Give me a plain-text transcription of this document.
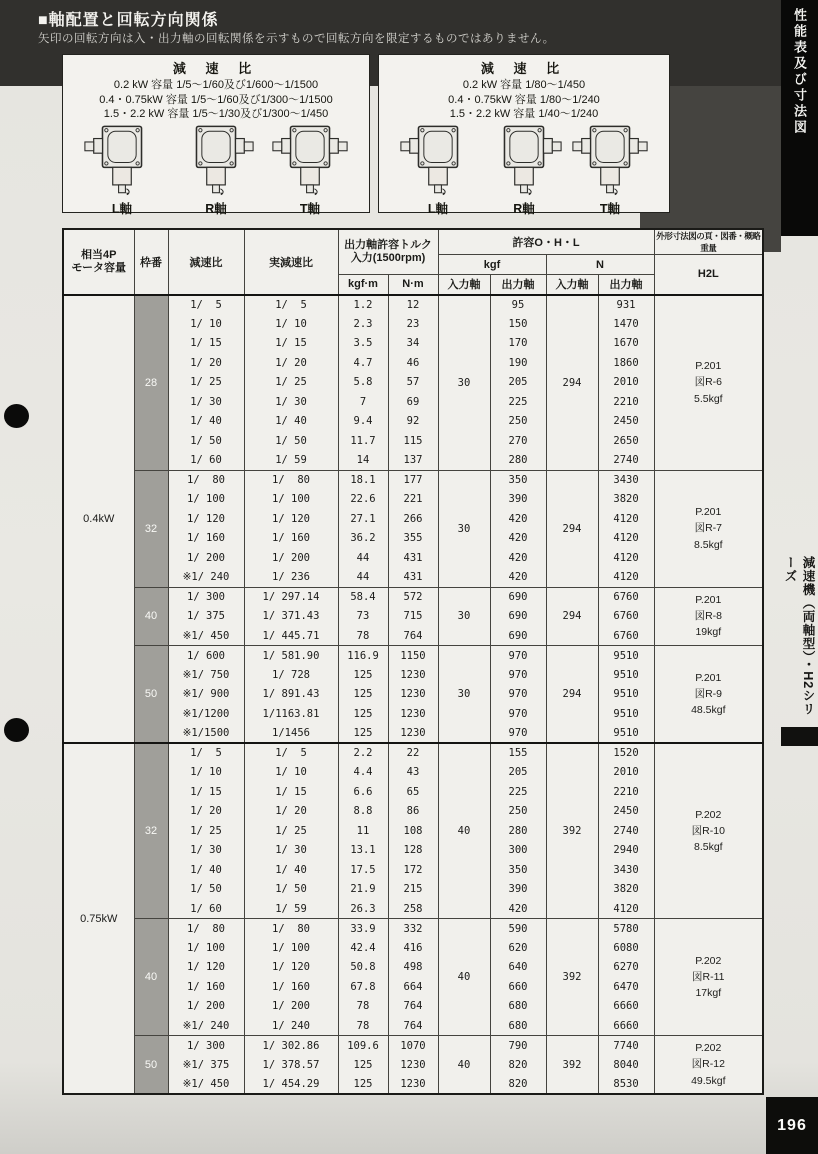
■軸配置と回転方向関係
矢印の回転方向は入・出力軸の回転関係を示すもので回転方向を限定するものではありません。	性能表及び寸法図
減 速 比
0.2 kW 容量 1/5～1/60及び1/600～1/1500
0.4・0.75kW 容量 1/5～1/60及び1/300～1/1500
1.5・2.2 kW 容量 1/5～1/30及び1/300～1/450
L軸	R軸	T軸
減 速 比
0.2 kW 容量 1/80～1/450
0.4・0.75kW 容量 1/80～1/240
1.5・2.2 kW 容量 1/40～1/240
L軸	R軸	T軸
相当4P
モータ容量	枠番	減速比	実減速比	
出力軸許容トルク
入力(1500rpm)
	許容O・H・L	外形寸法図の頁・図番・概略重量
						kgf		N		H2L
				kgf·m	N·m	入力軸	出力軸	入力軸	出力軸	
0.4kW	28	1/  5	1/  5	1.2	12	30	95	294	931	P.201
図R-6
5.5kgf

		1/ 10	1/ 10	2.3	23		150		1470	
		1/ 15	1/ 15	3.5	34		170		1670	
		1/ 20	1/ 20	4.7	46		190		1860	
		1/ 25	1/ 25	5.8	57		205		2010	
		1/ 30	1/ 30	7	69		225		2210	
		1/ 40	1/ 40	9.4	92		250		2450	
		1/ 50	1/ 50	11.7	115		270		2650	
		1/ 60	1/ 59	14	137		280		2740	
	32	1/  80	1/  80	18.1	177	30	350	294	3430	P.201
図R-7
8.5kgf

		1/ 100	1/ 100	22.6	221		390		3820	
		1/ 120	1/ 120	27.1	266		420		4120	
		1/ 160	1/ 160	36.2	355		420		4120	
		1/ 200	1/ 200	44	431		420		4120	
		※1/ 240	1/ 236	44	431		420		4120	
	40	1/ 300	1/ 297.14	58.4	572	30	690	294	6760	P.201
図R-8
19kgf

		1/ 375	1/ 371.43	73	715		690		6760	
		※1/ 450	1/ 445.71	78	764		690		6760	
	50	1/ 600	1/ 581.90	116.9	1150	30	970	294	9510	P.201
図R-9
48.5kgf

		※1/ 750	1/ 728	125	1230		970		9510	
		※1/ 900	1/ 891.43	125	1230		970		9510	
		※1/1200	1/1163.81	125	1230		970		9510	
		※1/1500	1/1456	125	1230		970		9510	
0.75kW	32	1/  5	1/  5	2.2	22	40	155	392	1520	P.202
図R-10
8.5kgf

		1/ 10	1/ 10	4.4	43		205		2010	
		1/ 15	1/ 15	6.6	65		225		2210	
		1/ 20	1/ 20	8.8	86		250		2450	
		1/ 25	1/ 25	11	108		280		2740	
		1/ 30	1/ 30	13.1	128		300		2940	
		1/ 40	1/ 40	17.5	172		350		3430	
		1/ 50	1/ 50	21.9	215		390		3820	
		1/ 60	1/ 59	26.3	258		420		4120	
	40	1/  80	1/  80	33.9	332	40	590	392	5780	P.202
図R-11
17kgf

		1/ 100	1/ 100	42.4	416		620		6080	
		1/ 120	1/ 120	50.8	498		640		6270	
		1/ 160	1/ 160	67.8	664		660		6470	
		1/ 200	1/ 200	78	764		680		6660	
		※1/ 240	1/ 240	78	764		680		6660	
	50	1/ 300	1/ 302.86	109.6	1070	40	790	392	7740	P.202
図R-12
49.5kgf

		※1/ 375	1/ 378.57	125	1230		820		8040	
		※1/ 450	1/ 454.29	125	1230		820		8530	
減速機（両軸型）・H2シリーズ
196
